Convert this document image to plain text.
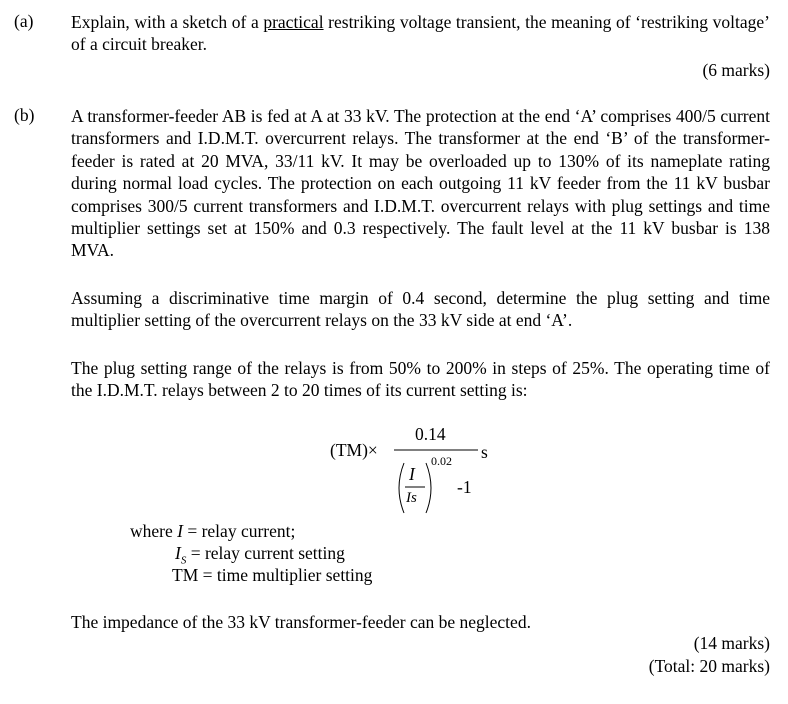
(a) Explain, with a sketch of a practical restriking voltage transient, the meaning of ‘restriking voltage’ of a circuit breaker.
(6 marks)
(b) A transformer-feeder AB is fed at A at 33 kV. The protection at the end ‘A’ comprises 400/5 current transformers and I.D.M.T. overcurrent relays. The transformer at the end ‘B’ of the transformer-feeder is rated at 20 MVA, 33/11 kV. It may be overloaded up to 130% of its nameplate rating during normal load cycles. The protection on each outgoing 11 kV feeder from the 11 kV busbar comprises 300/5 current transformers and I.D.M.T. overcurrent relays with plug settings and time multiplier settings set at 150% and 0.3 respectively. The fault level at the 11 kV busbar is 138 MVA.
Assuming a discriminative time margin of 0.4 second, determine the plug setting and time multiplier setting of the overcurrent relays on the 33 kV side at end ‘A’.
The plug setting range of the relays is from 50% to 200% in steps of 25%. The operating time of the I.D.M.T. relays between 2 to 20 times of its current setting is:
(TM)×
0.14
I
Is
0.02
-1
s
where I = relay current;
$I_S$ = relay current setting
TM = time multiplier setting
The impedance of the 33 kV transformer-feeder can be neglected.
(14 marks)
(Total: 20 marks)
